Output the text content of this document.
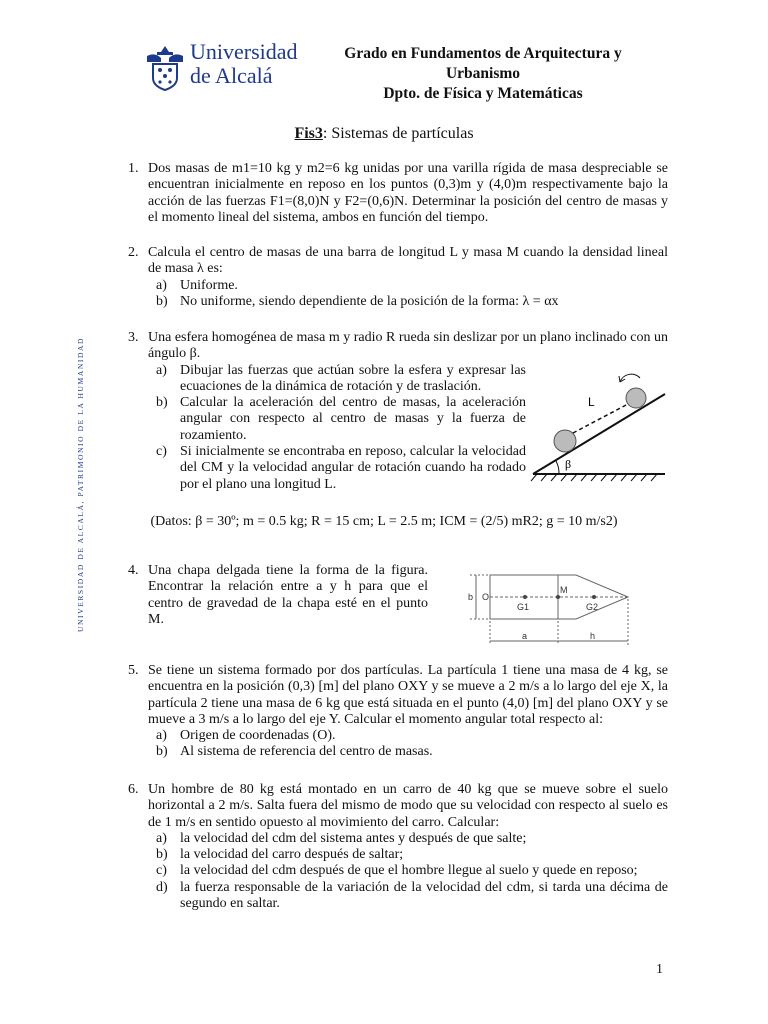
Universidad
de Alcalá
Grado en Fundamentos de Arquitectura y
Urbanismo
Dpto. de Física y Matemáticas
Fis3: Sistemas de partículas
UNIVERSIDAD DE ALCALÁ, PATRIMONIO DE LA HUMANIDAD
1. Dos masas de m1=10 kg y m2=6 kg unidas por una varilla rígida de masa despreciable se encuentran inicialmente en reposo en los puntos (0,3)m y (4,0)m respectivamente bajo la acción de las fuerzas F1=(8,0)N y F2=(0,6)N. Determinar la posición del centro de masas y el momento lineal del sistema, ambos en función del tiempo.
2. Calcula el centro de masas de una barra de longitud L y masa M cuando la densidad lineal de masa λ es:
a) Uniforme.
b) No uniforme, siendo dependiente de la posición de la forma: λ = αx
3. Una esfera homogénea de masa m y radio R rueda sin deslizar por un plano inclinado con un ángulo β.
a) Dibujar las fuerzas que actúan sobre la esfera y expresar las ecuaciones de la dinámica de rotación y de traslación.
b) Calcular la aceleración del centro de masas, la aceleración angular con respecto al centro de masas y la fuerza de rozamiento.
c) Si inicialmente se encontraba en reposo, calcular la velocidad del CM y la velocidad angular de rotación cuando ha rodado por el plano una longitud L.
β
L
(Datos: β = 30º; m = 0.5 kg; R = 15 cm; L = 2.5 m; ICM = (2/5) mR2; g = 10 m/s2)
4. Una chapa delgada tiene la forma de la figura. Encontrar la relación entre a y h para que el centro de gravedad de la chapa esté en el punto M.
b O
G1
M
G2
a	h
5. Se tiene un sistema formado por dos partículas. La partícula 1 tiene una masa de 4 kg, se encuentra en la posición (0,3) [m] del plano OXY y se mueve a 2 m/s a lo largo del eje X, la partícula 2 tiene una masa de 6 kg que está situada en el punto (4,0) [m] del plano OXY y se mueve a 3 m/s a lo largo del eje Y. Calcular el momento angular total respecto al:
a) Origen de coordenadas (O).
b) Al sistema de referencia del centro de masas.
6. Un hombre de 80 kg está montado en un carro de 40 kg que se mueve sobre el suelo horizontal a 2 m/s. Salta fuera del mismo de modo que su velocidad con respecto al suelo es de 1 m/s en sentido opuesto al movimiento del carro. Calcular:
a) la velocidad del cdm del sistema antes y después de que salte;
b) la velocidad del carro después de saltar;
c) la velocidad del cdm después de que el hombre llegue al suelo y quede en reposo;
d) la fuerza responsable de la variación de la velocidad del cdm, si tarda una décima de segundo en saltar.
1
